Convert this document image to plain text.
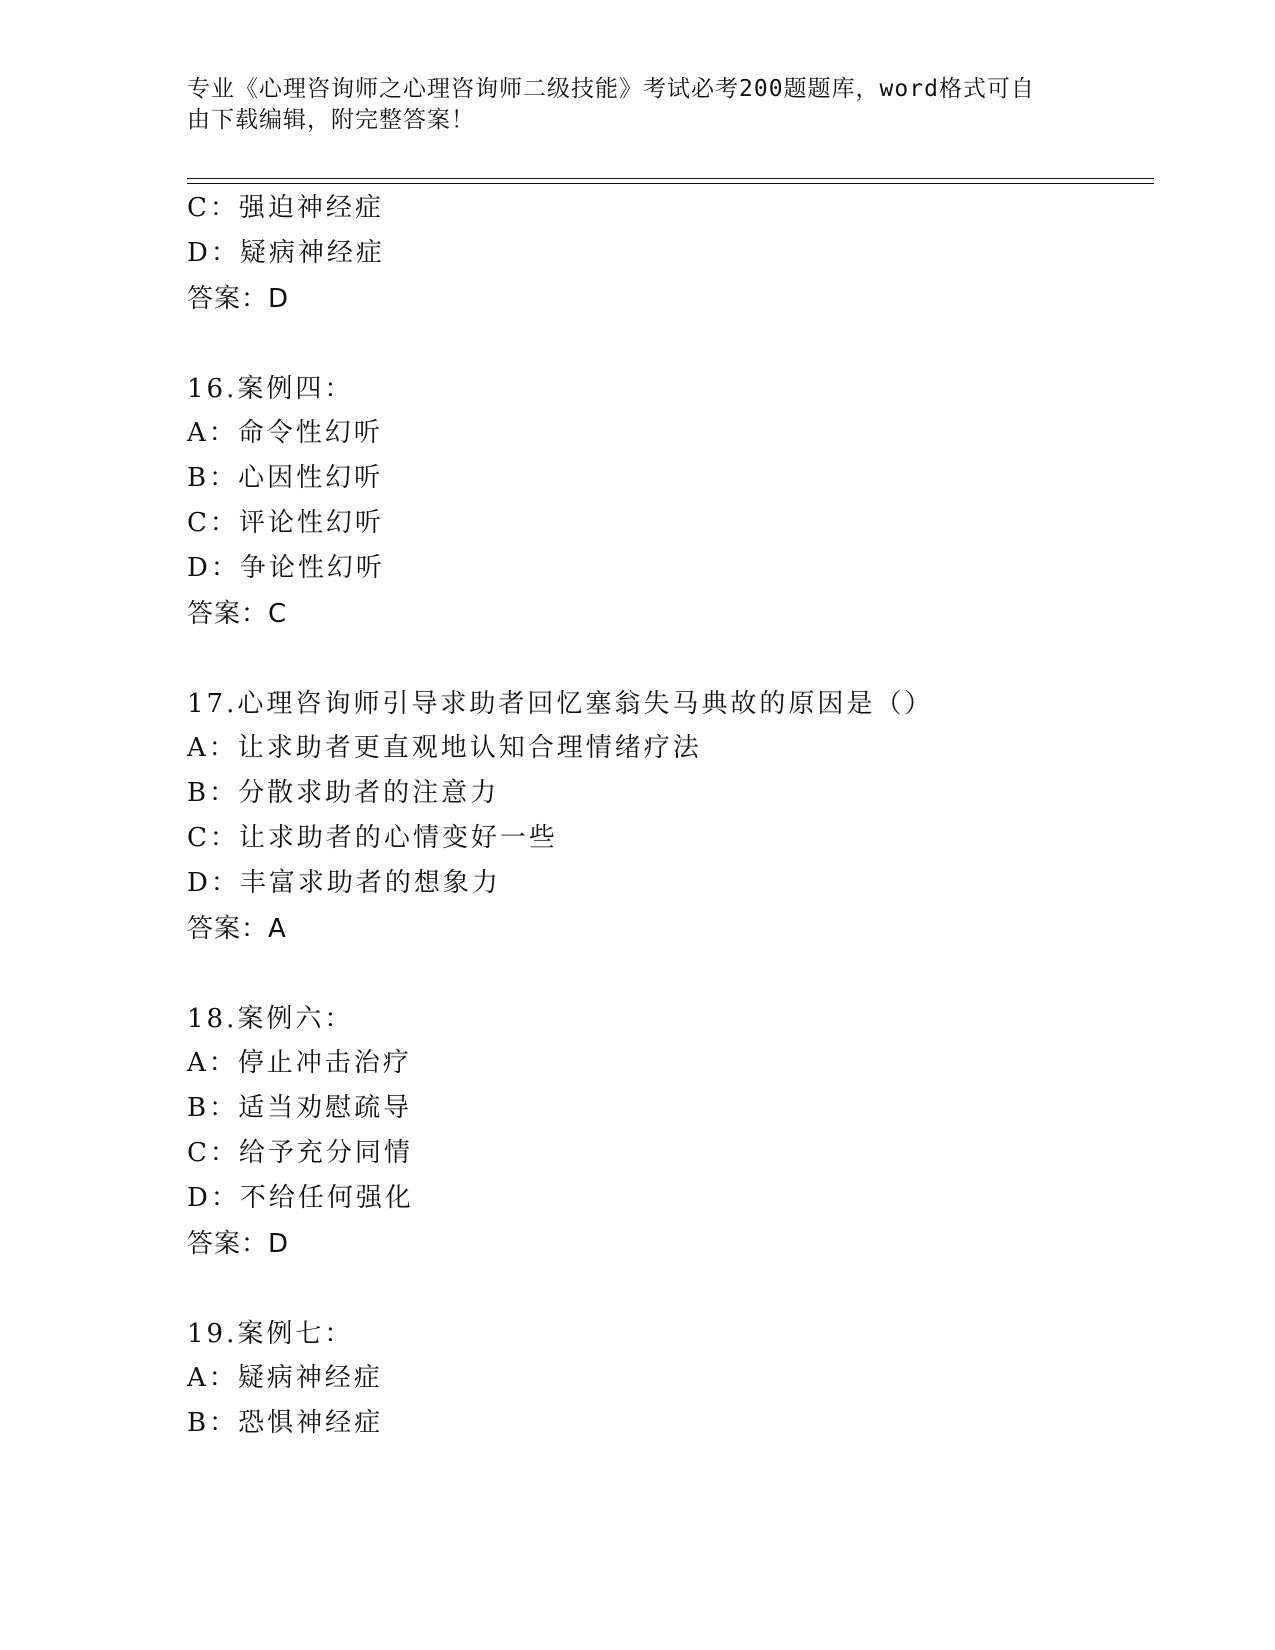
专业《心理咨询师之心理咨询师二级技能》考试必考200题题库，word格式可自
由下载编辑，附完整答案！
C：强迫神经症
D：疑病神经症
答案：D
16.案例四：
A：命令性幻听
B：心因性幻听
C：评论性幻听
D：争论性幻听
答案：C
17.心理咨询师引导求助者回忆塞翁失马典故的原因是（）
A：让求助者更直观地认知合理情绪疗法
B：分散求助者的注意力
C：让求助者的心情变好一些
D：丰富求助者的想象力
答案：A
18.案例六：
A：停止冲击治疗
B：适当劝慰疏导
C：给予充分同情
D：不给任何强化
答案：D
19.案例七：
A：疑病神经症
B：恐惧神经症
